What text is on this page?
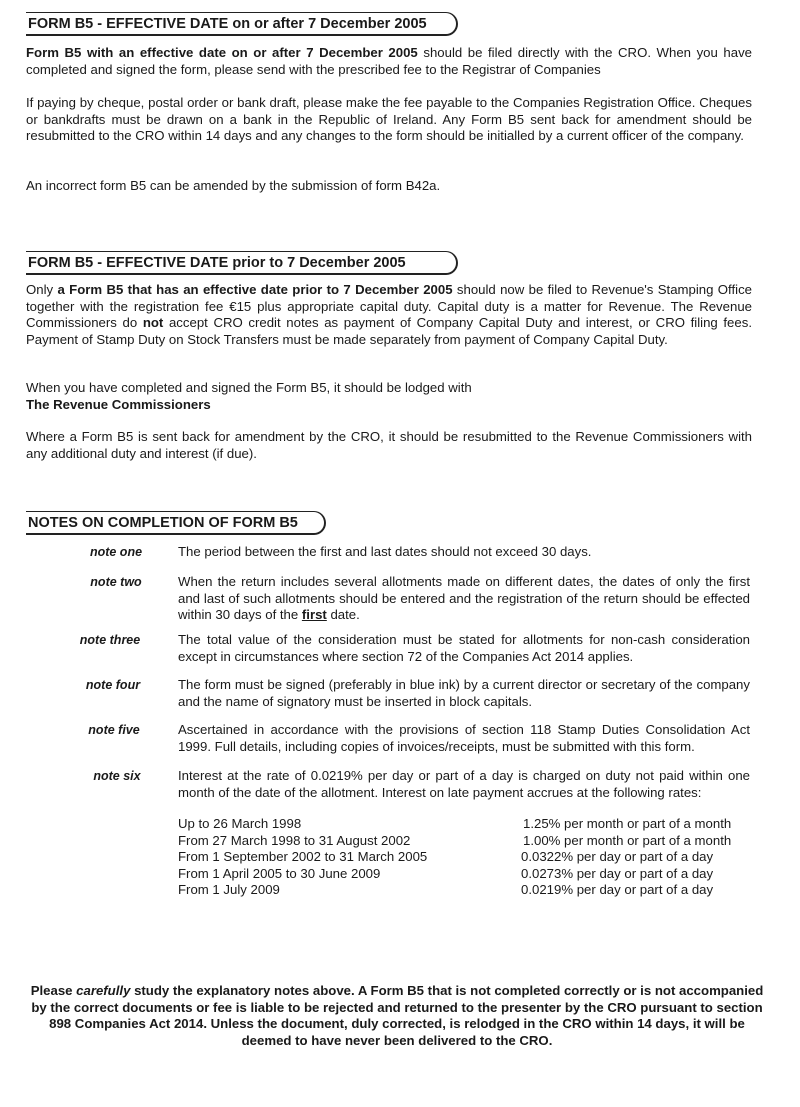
FORM B5 - EFFECTIVE DATE on or after 7 December 2005

Form B5 with an effective date on or after 7 December 2005 should be filed directly with the CRO. When you have completed and signed the form, please send with the prescribed fee to the Registrar of Companies

If paying by cheque, postal order or bank draft, please make the fee payable to the Companies Registration Office. Cheques or bankdrafts must be drawn on a bank in the Republic of Ireland. Any Form B5 sent back for amendment should be resubmitted to the CRO within 14 days and any changes to the form should be initialled by a current officer of the company.

An incorrect form B5 can be amended by the submission of form B42a.

FORM B5 - EFFECTIVE DATE prior to 7 December 2005

Only a Form B5 that has an effective date prior to 7 December 2005 should now be filed to Revenue's Stamping Office together with the registration fee €15 plus appropriate capital duty. Capital duty is a matter for Revenue. The Revenue Commissioners do not accept CRO credit notes as payment of Company Capital Duty and interest, or CRO filing fees. Payment of Stamp Duty on Stock Transfers must be made separately from payment of Company Capital Duty.

When you have completed and signed the Form B5, it should be lodged with
The Revenue Commissioners

Where a Form B5 is sent back for amendment by the CRO, it should be resubmitted to the Revenue Commissioners with any additional duty and interest (if due).

NOTES ON COMPLETION OF FORM B5
note one	The period between the first and last dates should not exceed 30 days.

note two	When the return includes several allotments made on different dates, the dates of only the first and last of such allotments should be entered and the registration of the return should be effected within 30 days of the first date.

note three	The total value of the consideration must be stated for allotments for non-cash consideration except in circumstances where section 72 of the Companies Act 2014 applies.

note four	The form must be signed (preferably in blue ink) by a current director or secretary of the company and the name of signatory must be inserted in block capitals.

note five	Ascertained in accordance with the provisions of section 118 Stamp Duties Consolidation Act 1999. Full details, including copies of invoices/receipts, must be submitted with this form.

note six	Interest at the rate of 0.0219% per day or part of a day is charged on duty not paid within one month of the date of the allotment. Interest on late payment accrues at the following rates:

Up to 26 March 1998	1.25% per month or part of a month
From 27 March 1998 to 31 August 2002	1.00% per month or part of a month
From 1 September 2002 to 31 March 2005	0.0322% per day or part of a day
From 1 April 2005 to 30 June 2009	0.0273% per day or part of a day
From 1 July 2009	0.0219% per day or part of a day

Please carefully study the explanatory notes above. A Form B5 that is not completed correctly or is not accompanied by the correct documents or fee is liable to be rejected and returned to the presenter by the CRO pursuant to section 898 Companies Act 2014. Unless the document, duly corrected, is relodged in the CRO within 14 days, it will be deemed to have never been delivered to the CRO.
